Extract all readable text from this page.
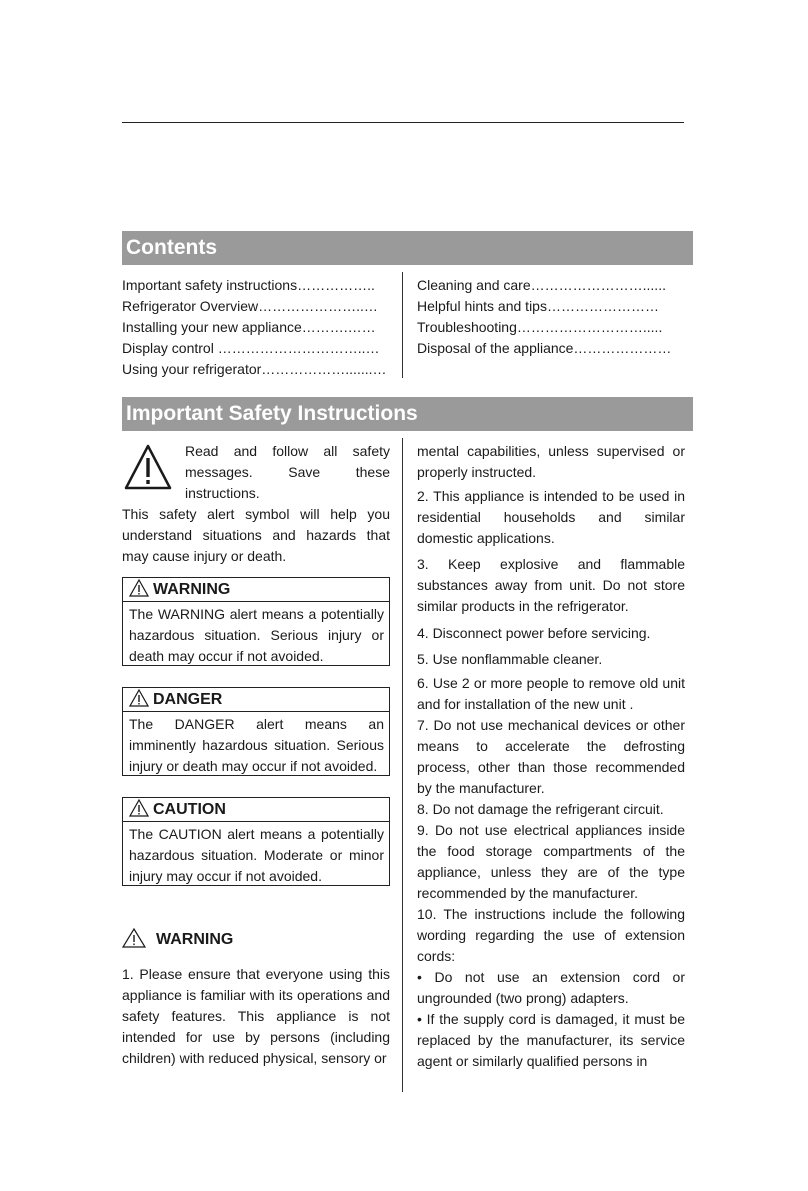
Contents
Important safety instructions……………..
Refrigerator Overview…………………..…
Installing your new appliance……….……
Display control …………………………..…
Using your refrigerator……………….......…
Cleaning and care……………………......
Helpful hints and tips……………………
Troubleshooting……………………….....
Disposal of the appliance…………………
Important Safety Instructions
Read and follow all safety messages. Save these instructions.
This safety alert symbol will help you understand situations and hazards that may cause injury or death.
WARNING
The WARNING alert means a potentially hazardous situation. Serious injury or death may occur if not avoided.
DANGER
The DANGER alert means an imminently hazardous situation. Serious injury or death may occur if not avoided.
CAUTION
The CAUTION alert means a potentially hazardous situation. Moderate or minor injury may occur if not avoided.
WARNING
1. Please ensure that everyone using this appliance is familiar with its operations and safety features. This appliance is not intended for use by persons (including children) with reduced physical, sensory or

mental capabilities, unless supervised or properly instructed.

2. This appliance is intended to be used in residential households and similar domestic applications.

3. Keep explosive and flammable substances away from unit. Do not store similar products in the refrigerator.

4. Disconnect power before servicing.

5. Use nonflammable cleaner.

6. Use 2 or more people to remove old unit and for installation of the new unit .

7. Do not use mechanical devices or other means to accelerate the defrosting process, other than those recommended by the manufacturer.

8. Do not damage the refrigerant circuit.

9. Do not use electrical appliances inside the food storage compartments of the appliance, unless they are of the type recommended by the manufacturer.

10. The instructions include the following wording regarding the use of extension cords:

• Do not use an extension cord or ungrounded (two prong) adapters.

• If the supply cord is damaged, it must be replaced by the manufacturer, its service agent or similarly qualified persons in
